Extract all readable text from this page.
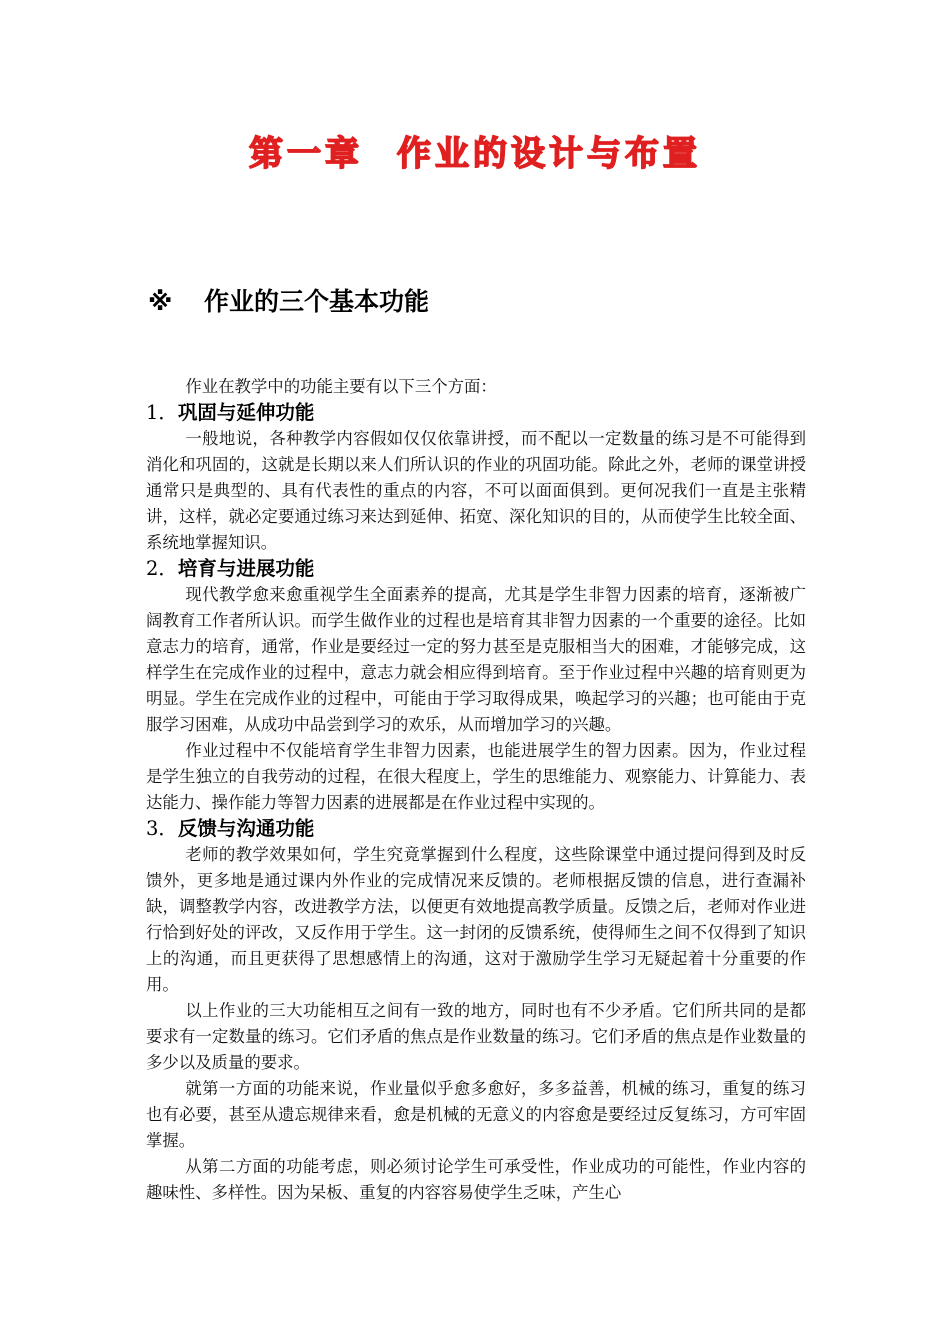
第一章 作业的设计与布置
※ 作业的三个基本功能

作业在教学中的功能主要有以下三个方面：

1．巩固与延伸功能

一般地说，各种教学内容假如仅仅依靠讲授，而不配以一定数量的练习是不可能得到消化和巩固的，这就是长期以来人们所认识的作业的巩固功能。除此之外，老师的课堂讲授通常只是典型的、具有代表性的重点的内容，不可以面面俱到。更何况我们一直是主张精讲，这样，就必定要通过练习来达到延伸、拓宽、深化知识的目的，从而使学生比较全面、系统地掌握知识。

2．培育与进展功能

现代教学愈来愈重视学生全面素养的提高，尤其是学生非智力因素的培育，逐渐被广阔教育工作者所认识。而学生做作业的过程也是培育其非智力因素的一个重要的途径。比如意志力的培育，通常，作业是要经过一定的努力甚至是克服相当大的困难，才能够完成，这样学生在完成作业的过程中，意志力就会相应得到培育。至于作业过程中兴趣的培育则更为明显。学生在完成作业的过程中，可能由于学习取得成果，唤起学习的兴趣；也可能由于克服学习困难，从成功中品尝到学习的欢乐，从而增加学习的兴趣。

作业过程中不仅能培育学生非智力因素，也能进展学生的智力因素。因为，作业过程是学生独立的自我劳动的过程，在很大程度上，学生的思维能力、观察能力、计算能力、表达能力、操作能力等智力因素的进展都是在作业过程中实现的。

3．反馈与沟通功能

老师的教学效果如何，学生究竟掌握到什么程度，这些除课堂中通过提问得到及时反馈外，更多地是通过课内外作业的完成情况来反馈的。老师根据反馈的信息，进行查漏补缺，调整教学内容，改进教学方法，以便更有效地提高教学质量。反馈之后，老师对作业进行恰到好处的评改，又反作用于学生。这一封闭的反馈系统，使得师生之间不仅得到了知识上的沟通，而且更获得了思想感情上的沟通，这对于激励学生学习无疑起着十分重要的作用。

以上作业的三大功能相互之间有一致的地方，同时也有不少矛盾。它们所共同的是都要求有一定数量的练习。它们矛盾的焦点是作业数量的练习。它们矛盾的焦点是作业数量的多少以及质量的要求。

就第一方面的功能来说，作业量似乎愈多愈好，多多益善，机械的练习，重复的练习也有必要，甚至从遗忘规律来看，愈是机械的无意义的内容愈是要经过反复练习，方可牢固掌握。

从第二方面的功能考虑，则必须讨论学生可承受性，作业成功的可能性，作业内容的趣味性、多样性。因为呆板、重复的内容容易使学生乏味，产生心
